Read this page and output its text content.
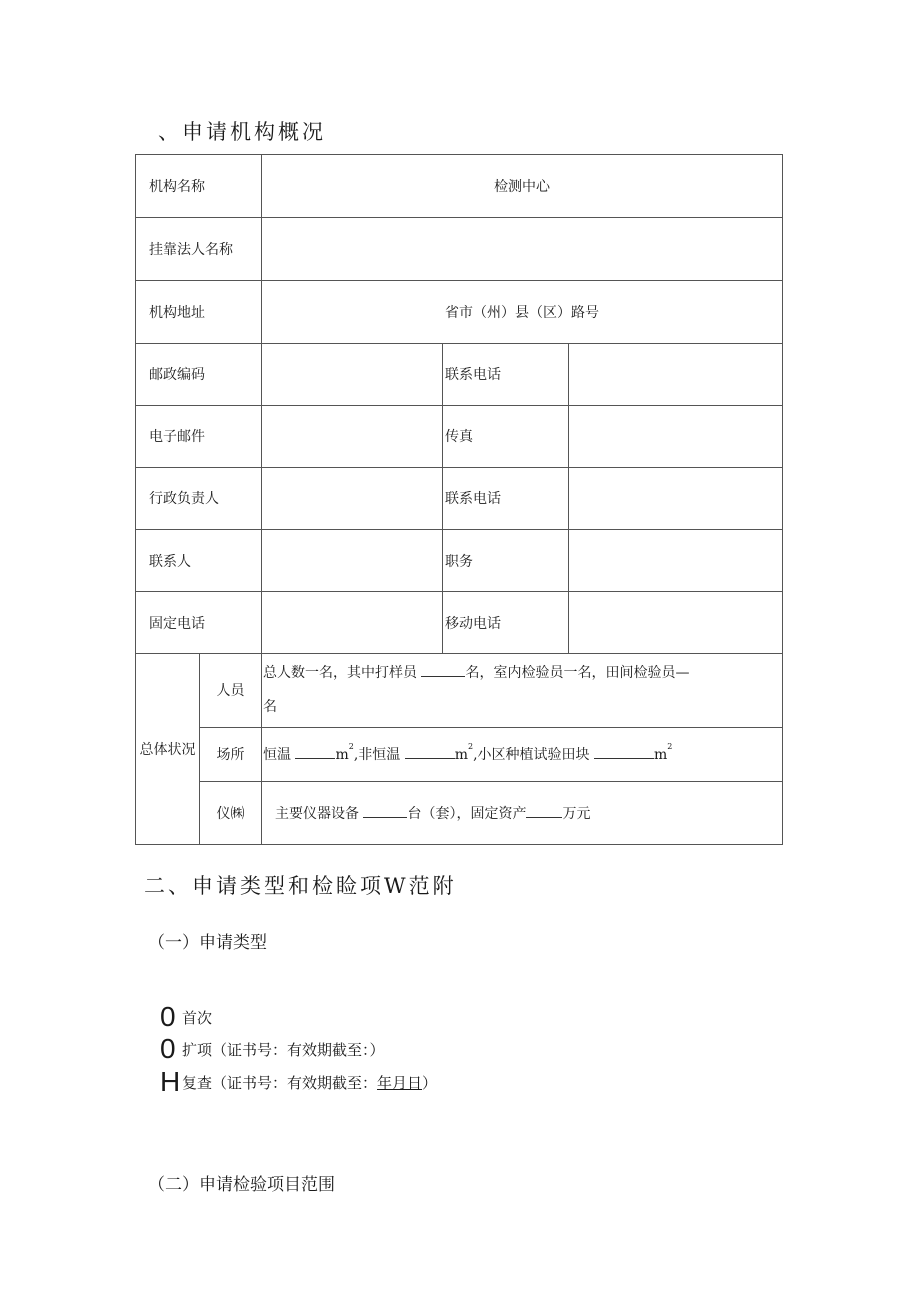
、申请机构概况
机构名称		检测中心		
挂靠法人名称				
机构地址		省市（州）县（区）路号		
邮政编码			联系电话	
电子邮件			传真	
行政负责人			联系电话	
联系人			职务	
固定电话			移动电话	
总体状况	人员	总人数一名，其中打样员 名，室内检验员一名，田间检验员—
名		
	场所	恒温 $m^2$,非恒温 $m^2$,小区种植试验田块 $m^2$
	仪㈱	主要仪器设备 台（套），固定资产 万元		
二、申请类型和检睑项W范附
（一）申请类型
0 首次
0 扩项（证书号：有效期截至：）
H复查（证书号：有效期截至：年月日）
（二）申请检验项目范围
